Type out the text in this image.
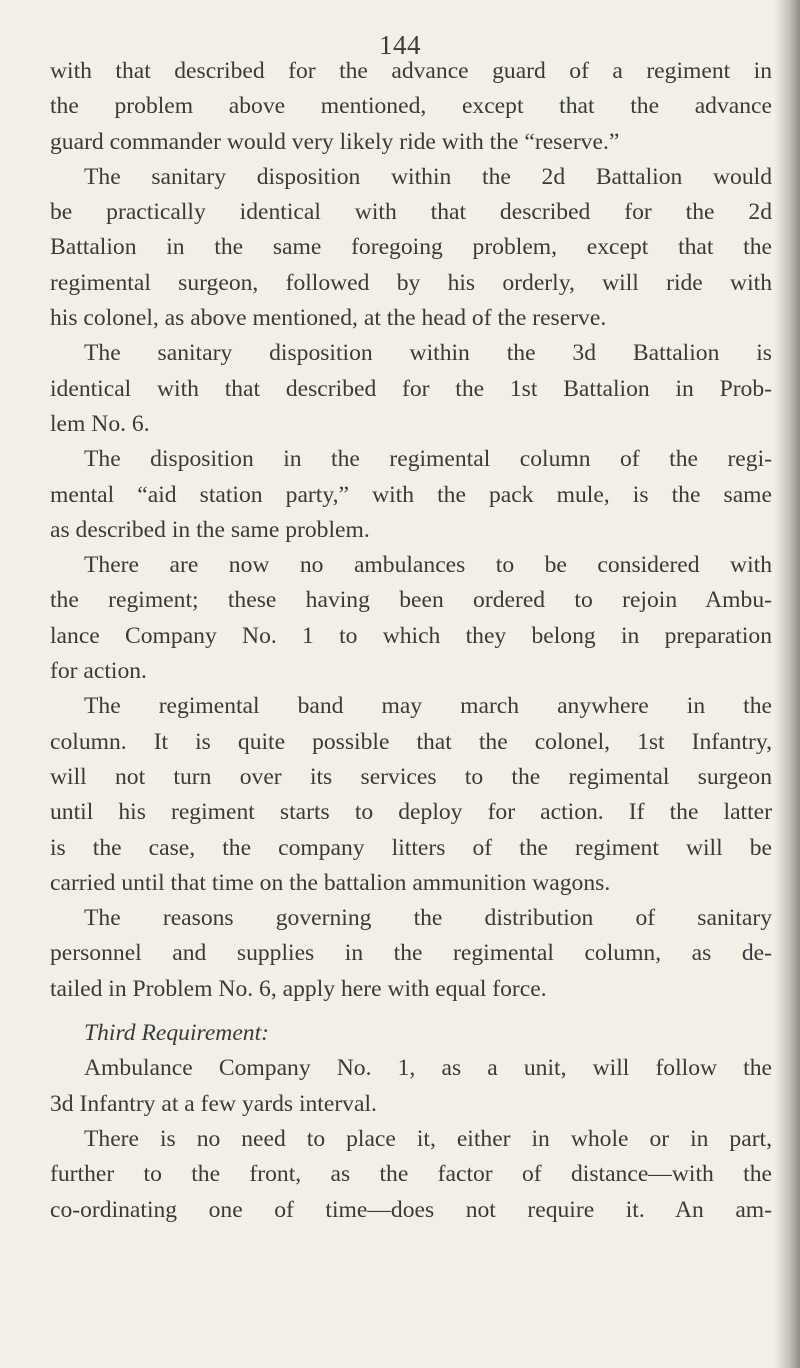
144
with that described for the advance guard of a regiment in
the problem above mentioned, except that the advance
guard commander would very likely ride with the “reserve.”
The sanitary disposition within the 2d Battalion would
be practically identical with that described for the 2d
Battalion in the same foregoing problem, except that the
regimental surgeon, followed by his orderly, will ride with
his colonel, as above mentioned, at the head of the reserve.
The sanitary disposition within the 3d Battalion is
identical with that described for the 1st Battalion in Prob-
lem No. 6.
The disposition in the regimental column of the regi-
mental “aid station party,” with the pack mule, is the same
as described in the same problem.
There are now no ambulances to be considered with
the regiment; these having been ordered to rejoin Ambu-
lance Company No. 1 to which they belong in preparation
for action.
The regimental band may march anywhere in the
column. It is quite possible that the colonel, 1st Infantry,
will not turn over its services to the regimental surgeon
until his regiment starts to deploy for action. If the latter
is the case, the company litters of the regiment will be
carried until that time on the battalion ammunition wagons.
The reasons governing the distribution of sanitary
personnel and supplies in the regimental column, as de-
tailed in Problem No. 6, apply here with equal force.
Third Requirement:
Ambulance Company No. 1, as a unit, will follow the
3d Infantry at a few yards interval.
There is no need to place it, either in whole or in part,
further to the front, as the factor of distance—with the
co-ordinating one of time—does not require it. An am-
